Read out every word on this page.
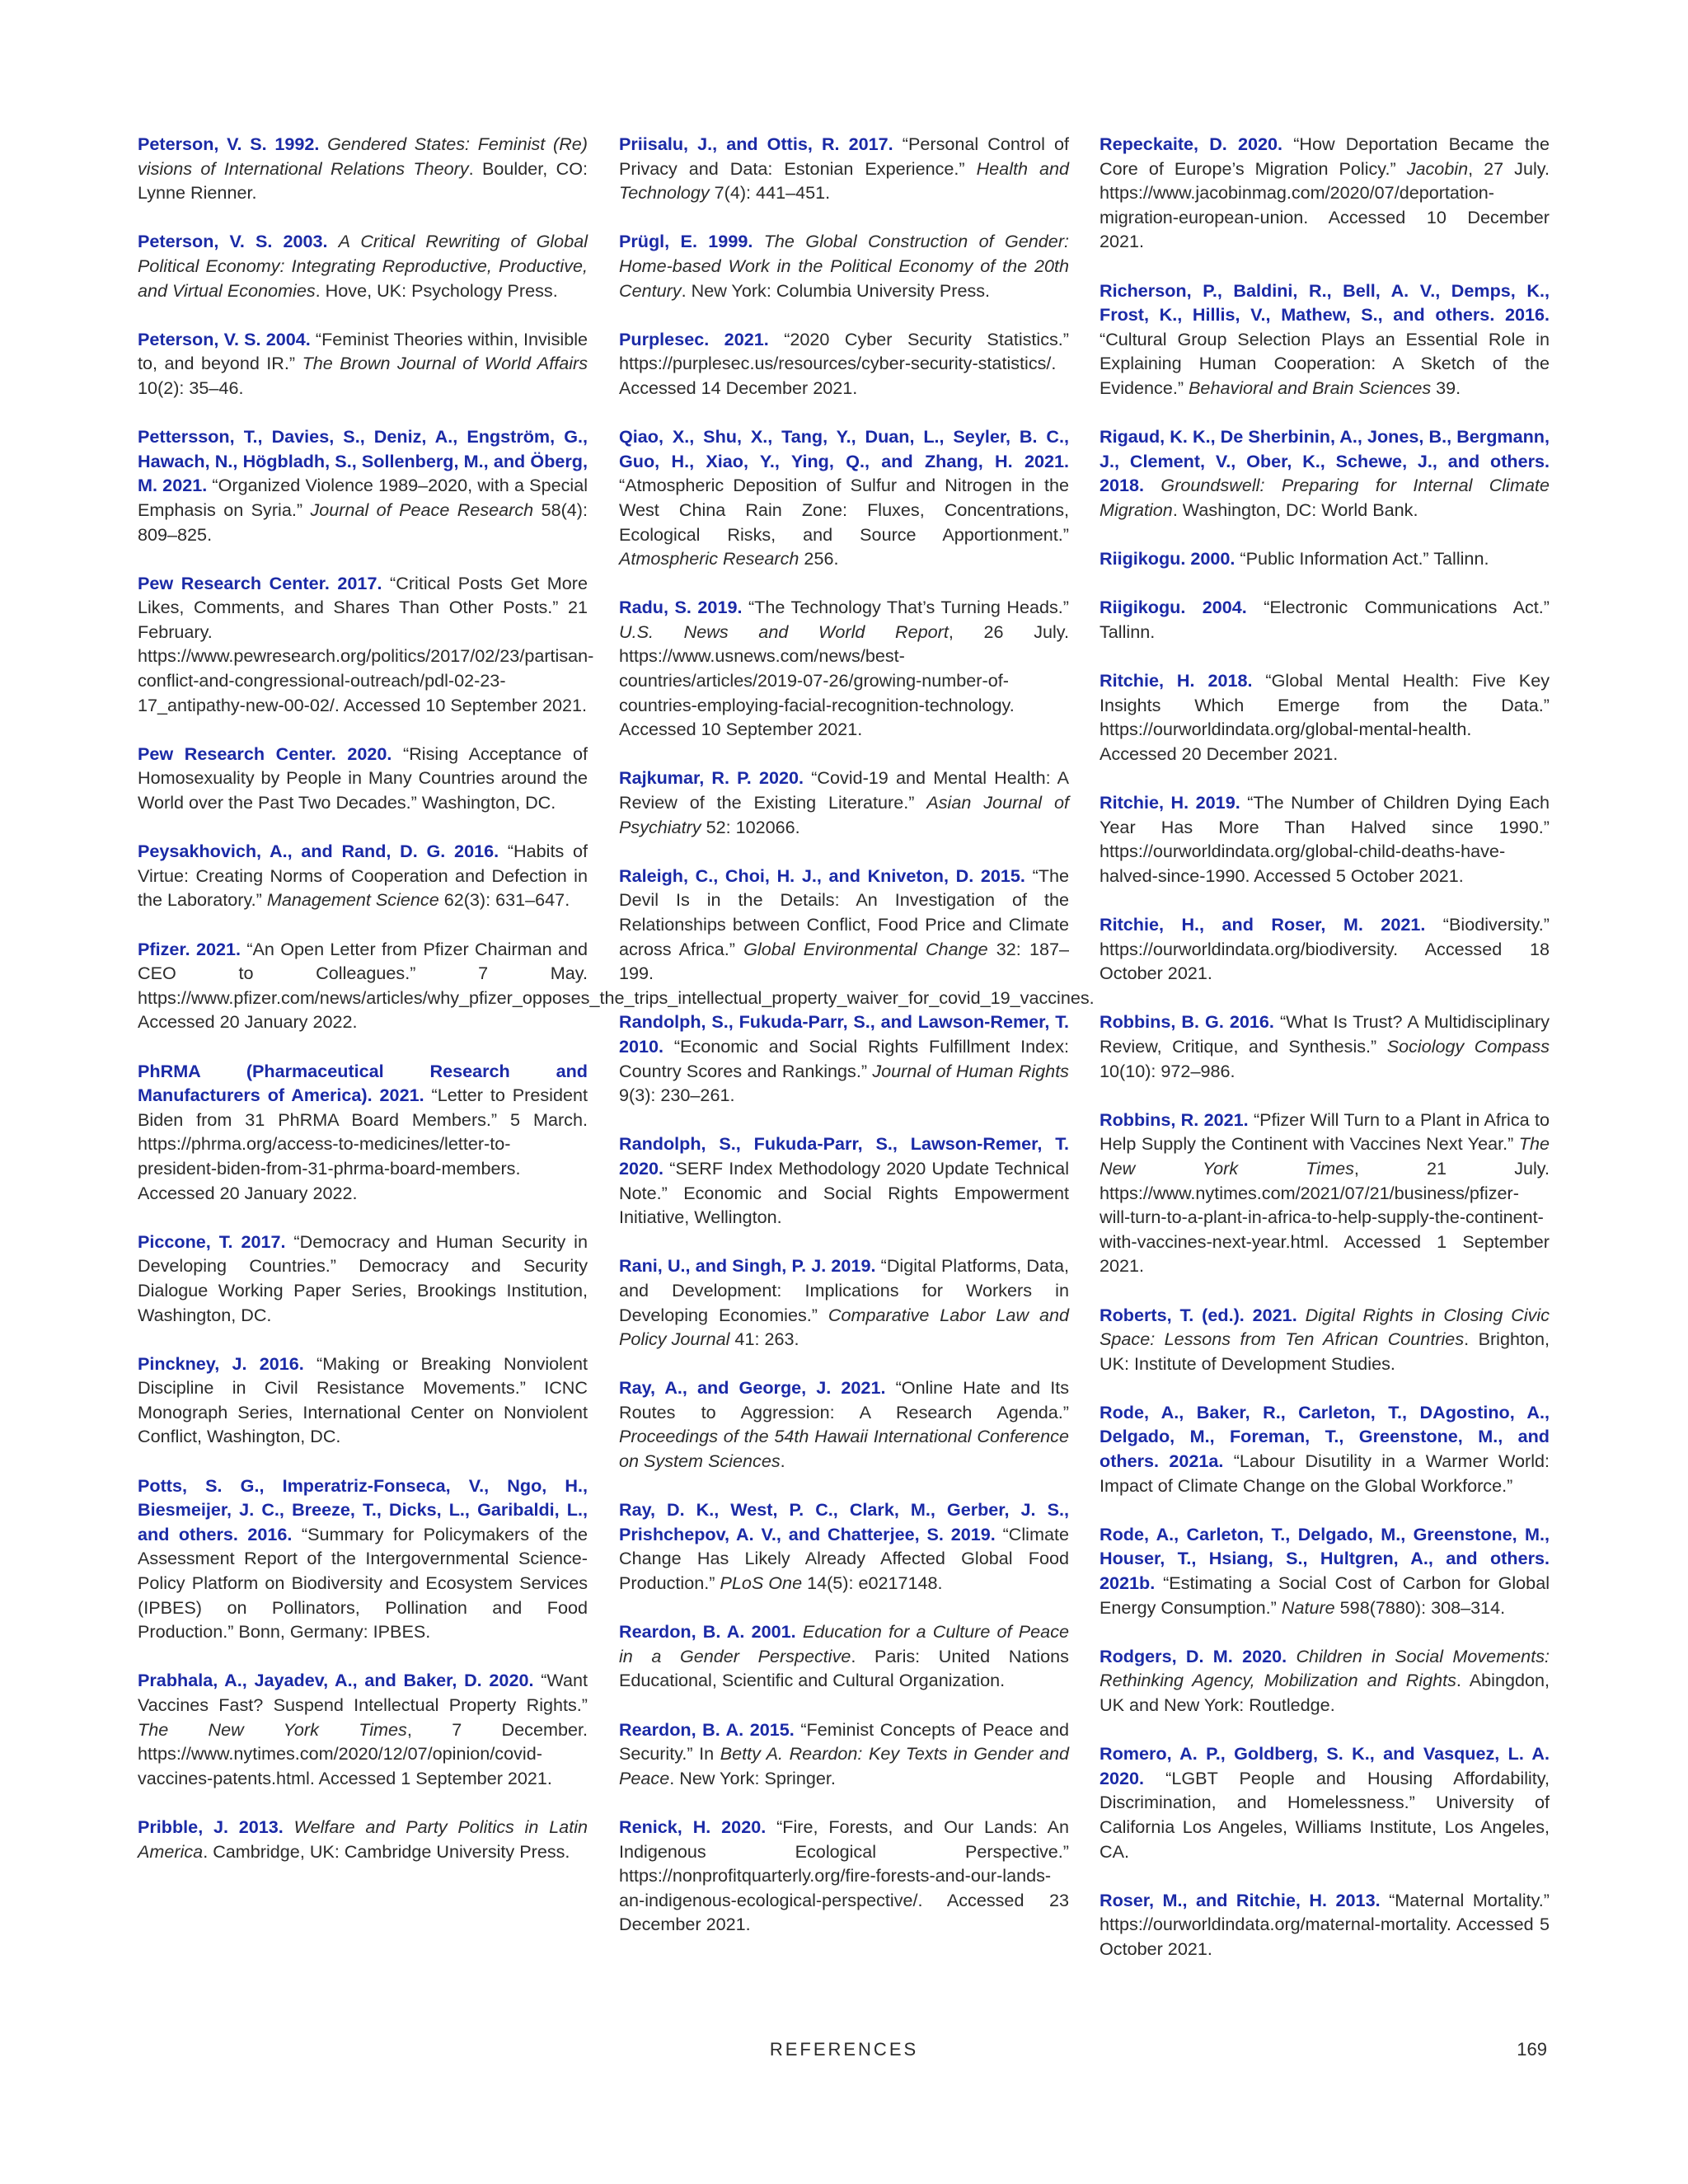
Peterson, V. S. 1992. Gendered States: Feminist (Re) visions of International Relations Theory. Boulder, CO: Lynne Rienner.

Peterson, V. S. 2003. A Critical Rewriting of Global Political Economy: Integrating Reproductive, Productive, and Virtual Economies. Hove, UK: Psychology Press.

Peterson, V. S. 2004. “Feminist Theories within, Invisible to, and beyond IR.” The Brown Journal of World Affairs 10(2): 35–46.

Pettersson, T., Davies, S., Deniz, A., Engström, G., Hawach, N., Högbladh, S., Sollenberg, M., and Öberg, M. 2021. “Organized Violence 1989–2020, with a Special Emphasis on Syria.” Journal of Peace Research 58(4): 809–825.

Pew Research Center. 2017. “Critical Posts Get More Likes, Comments, and Shares Than Other Posts.” 21 February. https://www.pewresearch.org/politics/2017/02/23/partisan-conflict-and-congressional-outreach/pdl-02-23-17_antipathy-new-00-02/. Accessed 10 September 2021.

Pew Research Center. 2020. “Rising Acceptance of Homosexuality by People in Many Countries around the World over the Past Two Decades.” Washington, DC.

Peysakhovich, A., and Rand, D. G. 2016. “Habits of Virtue: Creating Norms of Cooperation and Defection in the Laboratory.” Management Science 62(3): 631–647.

Pfizer. 2021. “An Open Letter from Pfizer Chairman and CEO to Colleagues.” 7 May. https://www.pfizer.com/news/articles/why_pfizer_opposes_the_trips_intellectual_property_waiver_for_covid_19_vaccines. Accessed 20 January 2022.

PhRMA (Pharmaceutical Research and Manufacturers of America). 2021. “Letter to President Biden from 31 PhRMA Board Members.” 5 March. https://phrma.org/access-to-medicines/letter-to-president-biden-from-31-phrma-board-members. Accessed 20 January 2022.

Piccone, T. 2017. “Democracy and Human Security in Developing Countries.” Democracy and Security Dialogue Working Paper Series, Brookings Institution, Washington, DC.

Pinckney, J. 2016. “Making or Breaking Nonviolent Discipline in Civil Resistance Movements.” ICNC Monograph Series, International Center on Nonviolent Conflict, Washington, DC.

Potts, S. G., Imperatriz-Fonseca, V., Ngo, H., Biesmeijer, J. C., Breeze, T., Dicks, L., Garibaldi, L., and others. 2016. “Summary for Policymakers of the Assessment Report of the Intergovernmental Science-Policy Platform on Biodiversity and Ecosystem Services (IPBES) on Pollinators, Pollination and Food Production.” Bonn, Germany: IPBES.

Prabhala, A., Jayadev, A., and Baker, D. 2020. “Want Vaccines Fast? Suspend Intellectual Property Rights.” The New York Times, 7 December. https://www.nytimes.com/2020/12/07/opinion/covid-vaccines-patents.html. Accessed 1 September 2021.

Pribble, J. 2013. Welfare and Party Politics in Latin America. Cambridge, UK: Cambridge University Press.

Priisalu, J., and Ottis, R. 2017. “Personal Control of Privacy and Data: Estonian Experience.” Health and Technology 7(4): 441–451.

Prügl, E. 1999. The Global Construction of Gender: Home-based Work in the Political Economy of the 20th Century. New York: Columbia University Press.

Purplesec. 2021. “2020 Cyber Security Statistics.” https://purplesec.us/resources/cyber-security-statistics/. Accessed 14 December 2021.

Qiao, X., Shu, X., Tang, Y., Duan, L., Seyler, B. C., Guo, H., Xiao, Y., Ying, Q., and Zhang, H. 2021. “Atmospheric Deposition of Sulfur and Nitrogen in the West China Rain Zone: Fluxes, Concentrations, Ecological Risks, and Source Apportionment.” Atmospheric Research 256.

Radu, S. 2019. “The Technology That’s Turning Heads.” U.S. News and World Report, 26 July. https://www.usnews.com/news/best-countries/articles/2019-07-26/growing-number-of-countries-employing-facial-recognition-technology. Accessed 10 September 2021.

Rajkumar, R. P. 2020. “Covid-19 and Mental Health: A Review of the Existing Literature.” Asian Journal of Psychiatry 52: 102066.

Raleigh, C., Choi, H. J., and Kniveton, D. 2015. “The Devil Is in the Details: An Investigation of the Relationships between Conflict, Food Price and Climate across Africa.” Global Environmental Change 32: 187–199.

Randolph, S., Fukuda-Parr, S., and Lawson-Remer, T. 2010. “Economic and Social Rights Fulfillment Index: Country Scores and Rankings.” Journal of Human Rights 9(3): 230–261.

Randolph, S., Fukuda-Parr, S., Lawson-Remer, T. 2020. “SERF Index Methodology 2020 Update Technical Note.” Economic and Social Rights Empowerment Initiative, Wellington.

Rani, U., and Singh, P. J. 2019. “Digital Platforms, Data, and Development: Implications for Workers in Developing Economies.” Comparative Labor Law and Policy Journal 41: 263.

Ray, A., and George, J. 2021. “Online Hate and Its Routes to Aggression: A Research Agenda.” Proceedings of the 54th Hawaii International Conference on System Sciences.

Ray, D. K., West, P. C., Clark, M., Gerber, J. S., Prishchepov, A. V., and Chatterjee, S. 2019. “Climate Change Has Likely Already Affected Global Food Production.” PLoS One 14(5): e0217148.

Reardon, B. A. 2001. Education for a Culture of Peace in a Gender Perspective. Paris: United Nations Educational, Scientific and Cultural Organization.

Reardon, B. A. 2015. “Feminist Concepts of Peace and Security.” In Betty A. Reardon: Key Texts in Gender and Peace. New York: Springer.

Renick, H. 2020. “Fire, Forests, and Our Lands: An Indigenous Ecological Perspective.” https://nonprofitquarterly.org/fire-forests-and-our-lands-an-indigenous-ecological-perspective/. Accessed 23 December 2021.

Repeckaite, D. 2020. “How Deportation Became the Core of Europe’s Migration Policy.” Jacobin, 27 July. https://www.jacobinmag.com/2020/07/deportation-migration-european-union. Accessed 10 December 2021.

Richerson, P., Baldini, R., Bell, A. V., Demps, K., Frost, K., Hillis, V., Mathew, S., and others. 2016. “Cultural Group Selection Plays an Essential Role in Explaining Human Cooperation: A Sketch of the Evidence.” Behavioral and Brain Sciences 39.

Rigaud, K. K., De Sherbinin, A., Jones, B., Bergmann, J., Clement, V., Ober, K., Schewe, J., and others. 2018. Groundswell: Preparing for Internal Climate Migration. Washington, DC: World Bank.

Riigikogu. 2000. “Public Information Act.” Tallinn.

Riigikogu. 2004. “Electronic Communications Act.” Tallinn.

Ritchie, H. 2018. “Global Mental Health: Five Key Insights Which Emerge from the Data.” https://ourworldindata.org/global-mental-health. Accessed 20 December 2021.

Ritchie, H. 2019. “The Number of Children Dying Each Year Has More Than Halved since 1990.” https://ourworldindata.org/global-child-deaths-have-halved-since-1990. Accessed 5 October 2021.

Ritchie, H., and Roser, M. 2021. “Biodiversity.” https://ourworldindata.org/biodiversity. Accessed 18 October 2021.

Robbins, B. G. 2016. “What Is Trust? A Multidisciplinary Review, Critique, and Synthesis.” Sociology Compass 10(10): 972–986.

Robbins, R. 2021. “Pfizer Will Turn to a Plant in Africa to Help Supply the Continent with Vaccines Next Year.” The New York Times, 21 July. https://www.nytimes.com/2021/07/21/business/pfizer-will-turn-to-a-plant-in-africa-to-help-supply-the-continent-with-vaccines-next-year.html. Accessed 1 September 2021.

Roberts, T. (ed.). 2021. Digital Rights in Closing Civic Space: Lessons from Ten African Countries. Brighton, UK: Institute of Development Studies.

Rode, A., Baker, R., Carleton, T., DAgostino, A., Delgado, M., Foreman, T., Greenstone, M., and others. 2021a. “Labour Disutility in a Warmer World: Impact of Climate Change on the Global Workforce.”

Rode, A., Carleton, T., Delgado, M., Greenstone, M., Houser, T., Hsiang, S., Hultgren, A., and others. 2021b. “Estimating a Social Cost of Carbon for Global Energy Consumption.” Nature 598(7880): 308–314.

Rodgers, D. M. 2020. Children in Social Movements: Rethinking Agency, Mobilization and Rights. Abingdon, UK and New York: Routledge.

Romero, A. P., Goldberg, S. K., and Vasquez, L. A. 2020. “LGBT People and Housing Affordability, Discrimination, and Homelessness.” University of California Los Angeles, Williams Institute, Los Angeles, CA.

Roser, M., and Ritchie, H. 2013. “Maternal Mortality.” https://ourworldindata.org/maternal-mortality. Accessed 5 October 2021.

REFERENCES	169
